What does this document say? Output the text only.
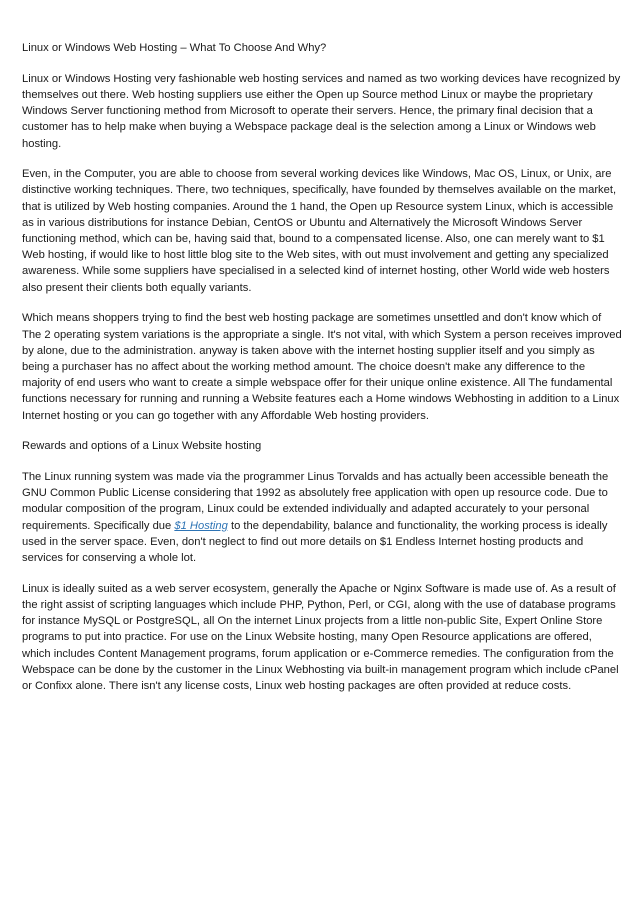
Linux or Windows Web Hosting – What To Choose And Why?

Linux or Windows Hosting very fashionable web hosting services and named as two working devices have recognized by themselves out there. Web hosting suppliers use either the Open up Source method Linux or maybe the proprietary Windows Server functioning method from Microsoft to operate their servers. Hence, the primary final decision that a customer has to help make when buying a Webspace package deal is the selection among a Linux or Windows web hosting.

Even, in the Computer, you are able to choose from several working devices like Windows, Mac OS, Linux, or Unix, are distinctive working techniques. There, two techniques, specifically, have founded by themselves available on the market, that is utilized by Web hosting companies. Around the 1 hand, the Open up Resource system Linux, which is accessible as in various distributions for instance Debian, CentOS or Ubuntu and Alternatively the Microsoft Windows Server functioning method, which can be, having said that, bound to a compensated license. Also, one can merely want to $1 Web hosting, if would like to host little blog site to the Web sites, with out must involvement and getting any specialized awareness. While some suppliers have specialised in a selected kind of internet hosting, other World wide web hosters also present their clients both equally variants.

Which means shoppers trying to find the best web hosting package are sometimes unsettled and don't know which of The 2 operating system variations is the appropriate a single. It's not vital, with which System a person receives improved by alone, due to the administration. anyway is taken above with the internet hosting supplier itself and you simply as being a purchaser has no affect about the working method amount. The choice doesn't make any difference to the majority of end users who want to create a simple webspace offer for their unique online existence. All The fundamental functions necessary for running and running a Website features each a Home windows Webhosting in addition to a Linux Internet hosting or you can go together with any Affordable Web hosting providers.

Rewards and options of a Linux Website hosting

The Linux running system was made via the programmer Linus Torvalds and has actually been accessible beneath the GNU Common Public License considering that 1992 as absolutely free application with open up resource code. Due to modular composition of the program, Linux could be extended individually and adapted accurately to your personal requirements. Specifically due $1 Hosting to the dependability, balance and functionality, the working process is ideally used in the server space. Even, don't neglect to find out more details on $1 Endless Internet hosting products and services for conserving a whole lot.

Linux is ideally suited as a web server ecosystem, generally the Apache or Nginx Software is made use of. As a result of the right assist of scripting languages which include PHP, Python, Perl, or CGI, along with the use of database programs for instance MySQL or PostgreSQL, all On the internet Linux projects from a little non-public Site, Expert Online Store programs to put into practice. For use on the Linux Website hosting, many Open Resource applications are offered, which includes Content Management programs, forum application or e-Commerce remedies. The configuration from the Webspace can be done by the customer in the Linux Webhosting via built-in management program which include cPanel or Confixx alone. There isn't any license costs, Linux web hosting packages are often provided at reduce costs.
